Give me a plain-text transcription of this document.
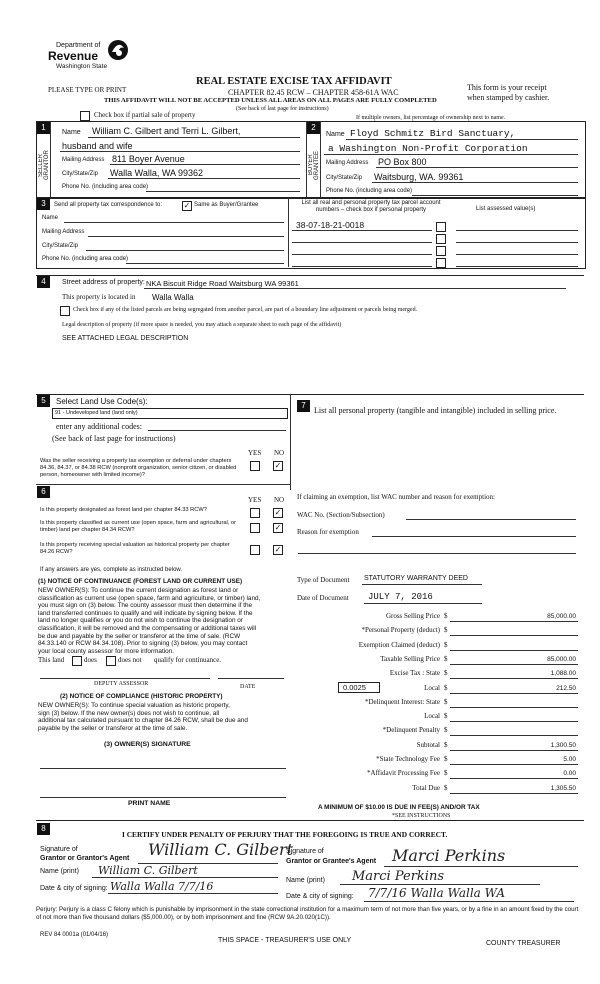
Department of
Revenue
Washington State
PLEASE TYPE OR PRINT
REAL ESTATE EXCISE TAX AFFIDAVIT
CHAPTER 82.45 RCW – CHAPTER 458-61A WAC
THIS AFFIDAVIT WILL NOT BE ACCEPTED UNLESS ALL AREAS ON ALL PAGES ARE FULLY COMPLETED
(See back of last page for instructions)
This form is your receipt
when stamped by cashier.
Check box if partial sale of property	If multiple owners, list percentage of ownership next to name.
1
SELLER GRANTOR
Name William C. Gilbert and Terri L. Gilbert,
husband and wife
Mailing Address 811 Boyer Avenue
City/State/Zip Walla Walla, WA 99362
Phone No. (including area code)
2
BUYER GRANTEE
Name Floyd Schmitz Bird Sanctuary,
a Washington Non-Profit Corporation
Mailing Address PO Box 800
City/State/Zip Waitsburg, WA. 99361
Phone No. (including area code)
3	Send all property tax correspondence to:	✓ Same as Buyer/Grantee
Name
Mailing Address
City/State/Zip
Phone No. (including area code)
List all real and personal property tax parcel account numbers – check box if personal property	List assessed value(s)
38-07-18-21-0018
4	Street address of property: NKA Biscuit Ridge Road Waitsburg WA 99361
This property is located in Walla Walla
Check box if any of the listed parcels are being segregated from another parcel, are part of a boundary line adjustment or parcels being merged.
Legal description of property (if more space is needed, you may attach a separate sheet to each page of the affidavit)
SEE ATTACHED LEGAL DESCRIPTION
5	Select Land Use Code(s):
91 - Undeveloped land (land only)
enter any additional codes:
(See back of last page for instructions)
YES NO
Was the seller receiving a property tax exemption or deferral under chapters 84.36, 84.37, or 84.38 RCW (nonprofit organization, senior citizen, or disabled person, homeowner with limited income)?
✓
7
List all personal property (tangible and intangible) included in selling price.
6
YES NO
Is this property designated as forest land per chapter 84.33 RCW?	✓
Is this property classified as current use (open space, farm and agricultural, or timber) land per chapter 84.34 RCW?	✓
Is this property receiving special valuation as historical property per chapter 84.26 RCW?	✓
If any answers are yes, complete as instructed below.
(1) NOTICE OF CONTINUANCE (FOREST LAND OR CURRENT USE)
NEW OWNER(S): To continue the current designation as forest land or
classification as current use (open space, farm and agriculture, or timber) land,
you must sign on (3) below. The county assessor must then determine if the
land transferred continues to qualify and will indicate by signing below. If the
land no longer qualifies or you do not wish to continue the designation or
classification, it will be removed and the compensating or additional taxes will
be due and payable by the seller or transferor at the time of sale. (RCW
84.33.140 or RCW 84.34.108). Prior to signing (3) below, you may contact
your local county assessor for more information.
This land	does	does not qualify for continuance.
DEPUTY ASSESSOR	DATE
(2) NOTICE OF COMPLIANCE (HISTORIC PROPERTY)
NEW OWNER(S): To continue special valuation as historic property,
sign (3) below. If the new owner(s) does not wish to continue, all
additional tax calculated pursuant to chapter 84.26 RCW, shall be due and
payable by the seller or transferor at the time of sale.
(3) OWNER(S) SIGNATURE
PRINT NAME
If claiming an exemption, list WAC number and reason for exemption:
WAC No. (Section/Subsection)
Reason for exemption
Type of Document STATUTORY WARRANTY DEED
Date of Document JULY 7, 2016
Gross Selling Price $	85,000.00
*Personal Property (deduct) $
Exemption Claimed (deduct) $
Taxable Selling Price $	85,000.00
Excise Tax : State $	1,088.00
Local $	212.50
*Delinquent Interest: State $
Local $
*Delinquent Penalty $
Subtotal $	1,300.50
*State Technology Fee $	5.00
*Affidavit Processing Fee $	0.00
Total Due $	1,305.50
0.0025
A MINIMUM OF $10.00 IS DUE IN FEE(S) AND/OR TAX
*SEE INSTRUCTIONS
8
I CERTIFY UNDER PENALTY OF PERJURY THAT THE FOREGOING IS TRUE AND CORRECT.
Signature of
Grantor or Grantor's Agent William C. Gilbert
Name (print) William C. Gilbert
Date & city of signing: Walla Walla 7/7/16
Signature of
Grantor or Grantee's Agent Marci Perkins
Name (print) Marci Perkins
Date & city of signing: 7/7/16 Walla Walla WA
Perjury: Perjury is a class C felony which is punishable by imprisonment in the state correctional institution for a maximum term of not more than five years, or by a fine in an amount fixed by the court of not more than five thousand dollars ($5,000.00), or by both imprisonment and fine (RCW 9A.20.020(1C)).
REV 84 0001a (01/04/16)
THIS SPACE - TREASURER'S USE ONLY	COUNTY TREASURER
